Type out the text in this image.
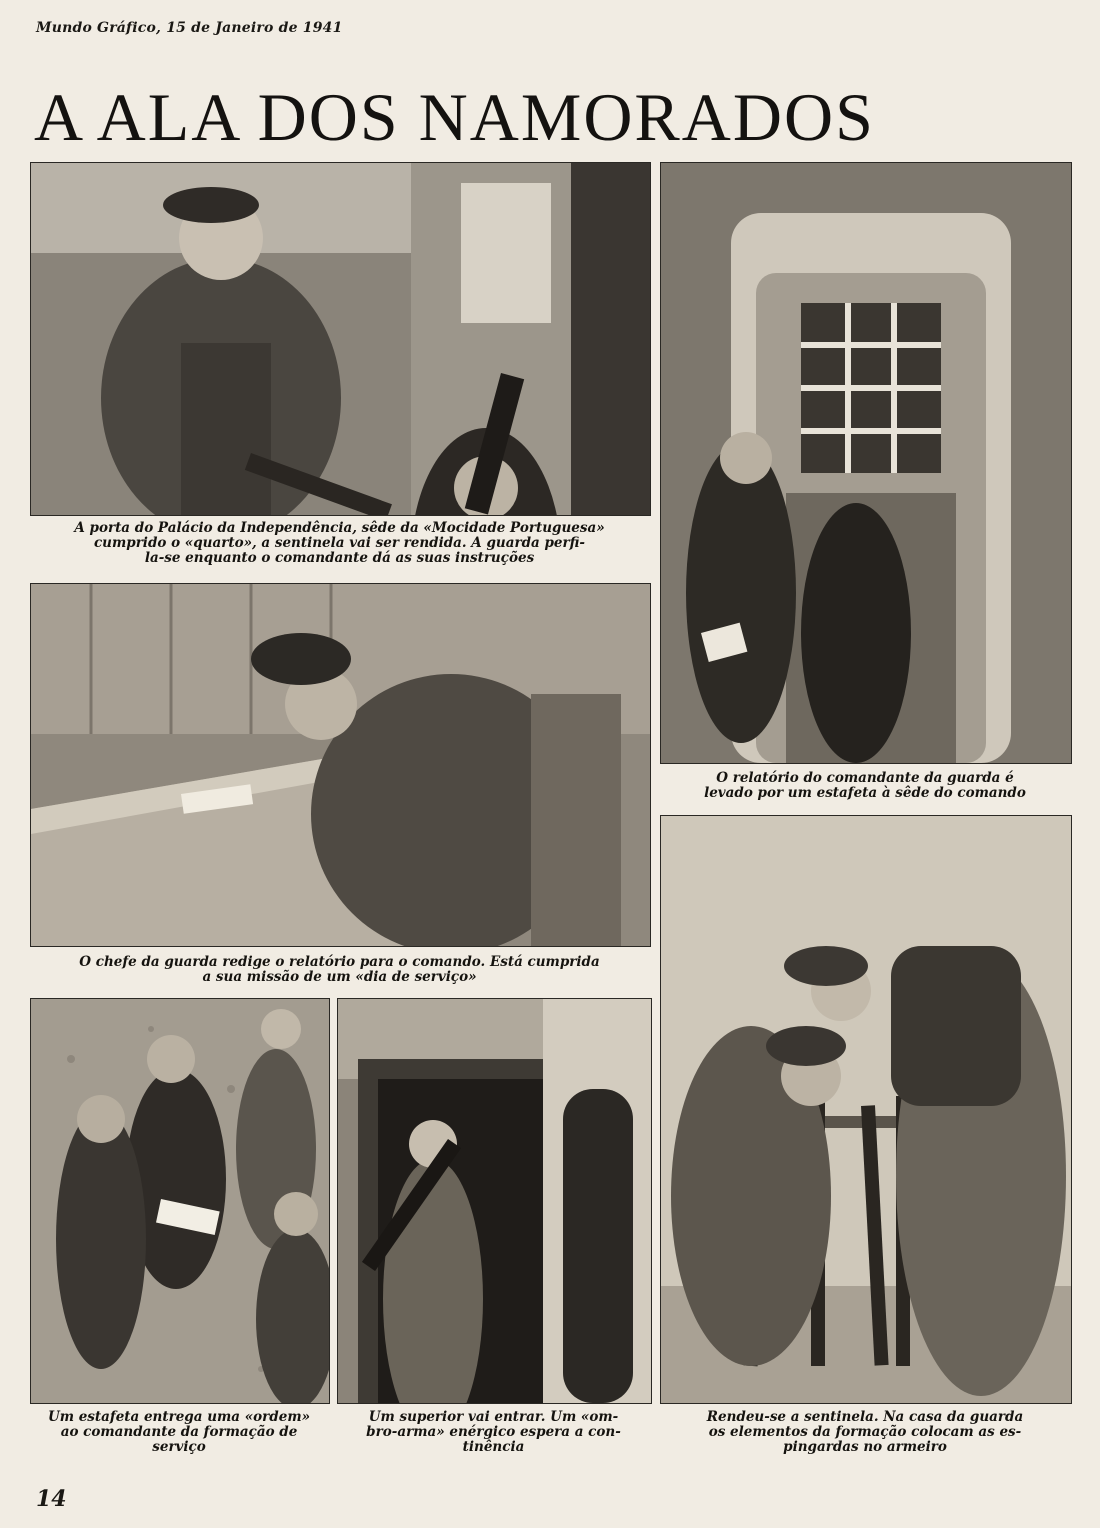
Mundo Gráfico, 15 de Janeiro de 1941
A ALA DOS NAMORADOS
A porta do Palácio da Independência, sêde da «Mocidade Portuguesa»
cumprido o «quarto», a sentinela vai ser rendida. A guarda perfi-
la-se enquanto o comandante dá as suas instruções
O relatório do comandante da guarda é
levado por um estafeta à sêde do comando
O chefe da guarda redige o relatório para o comando. Está cumprida
a sua missão de um «dia de serviço»
Um estafeta entrega uma «ordem»
ao comandante da formação de
serviço
Um superior vai entrar. Um «om-
bro-arma» enérgico espera a con-
tinência
Rendeu-se a sentinela. Na casa da guarda
os elementos da formação colocam as es-
pingardas no armeiro
14
